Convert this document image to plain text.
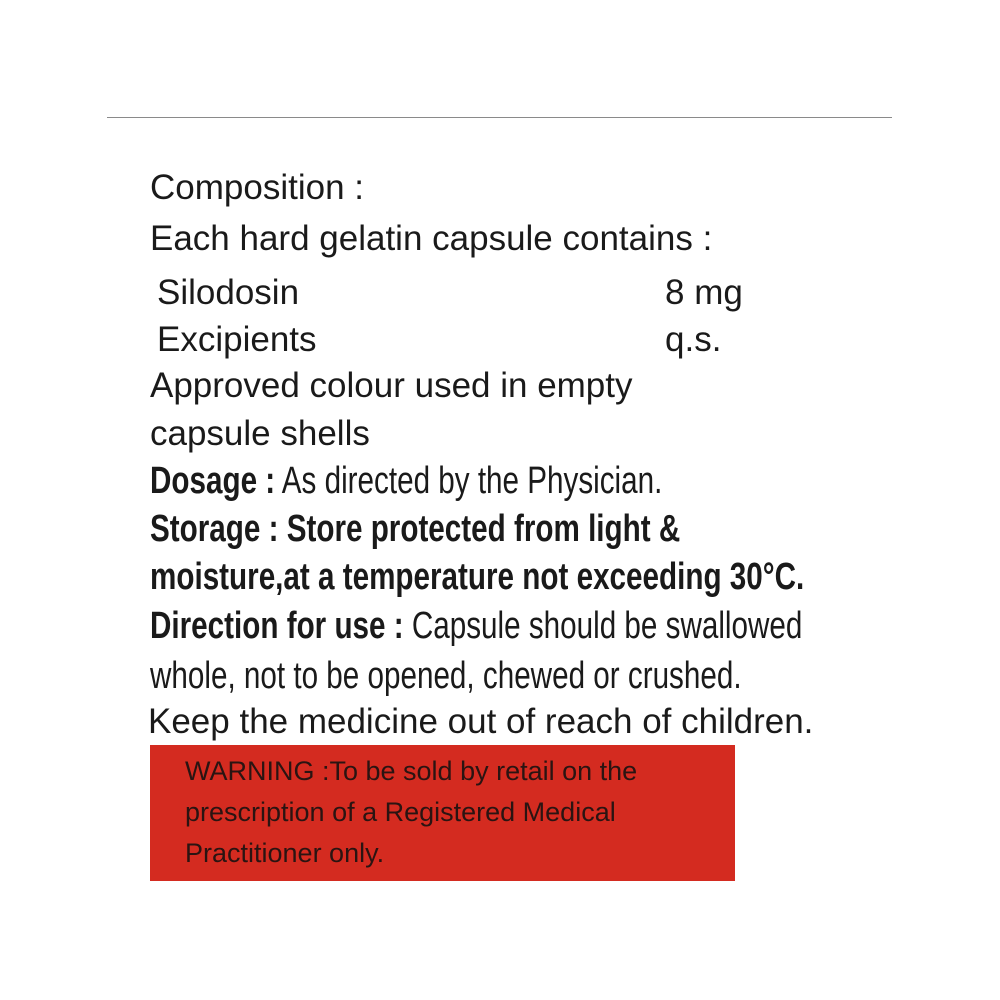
Composition :
Each hard gelatin capsule contains :
Silodosin	8 mg
Excipients	q.s.
Approved colour used in empty
capsule shells
Dosage : As directed by the Physician.
Storage : Store protected from light &
moisture,at a temperature not exceeding 30°C.
Direction for use : Capsule should be swallowed
whole, not to be opened, chewed or crushed.
Keep the medicine out of reach of children.
WARNING :To be sold by retail on the
prescription of a Registered Medical
Practitioner only.
